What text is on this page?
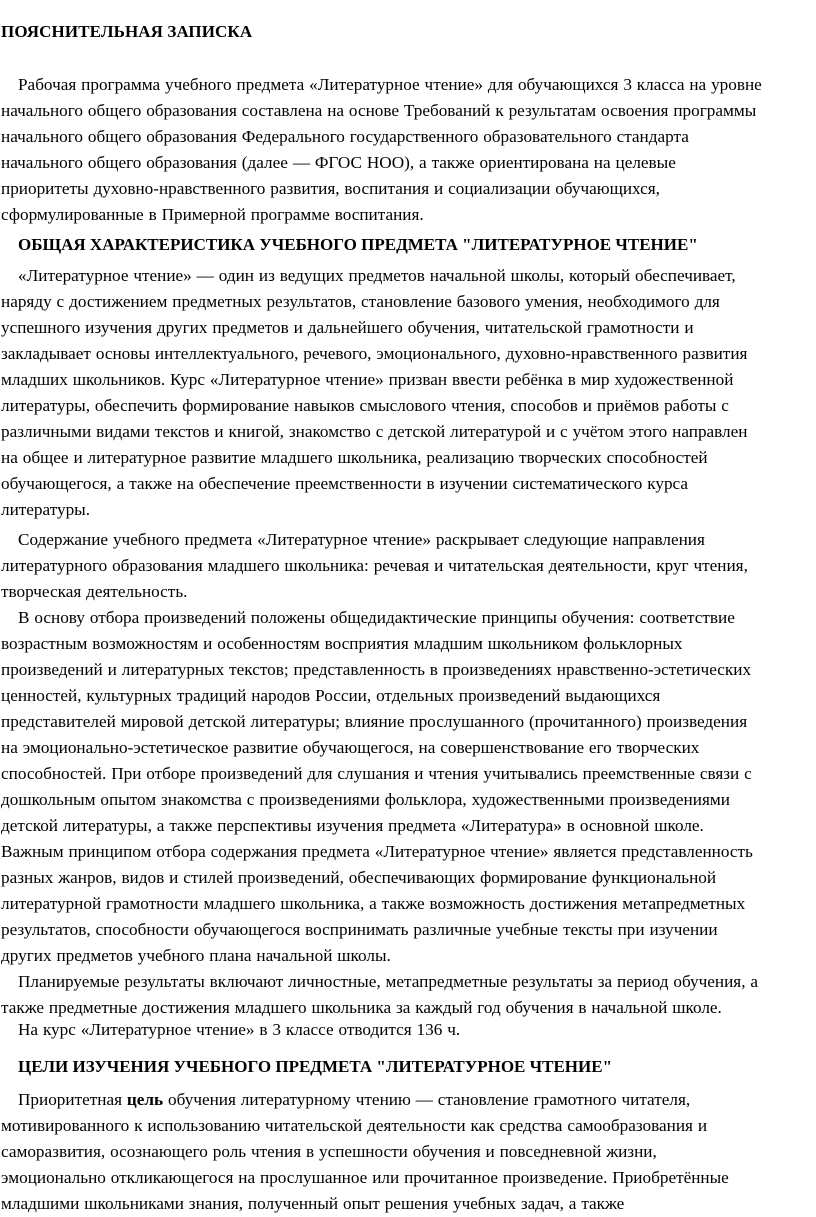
ПОЯСНИТЕЛЬНАЯ ЗАПИСКА
Рабочая программа учебного предмета «Литературное чтение» для обучающихся 3 класса на уровне
начального общего образования составлена на основе Требований к результатам освоения программы
начального общего образования Федерального государственного образовательного стандарта
начального общего образования (далее — ФГОС НОО), а также ориентирована на целевые
приоритеты духовно-нравственного развития, воспитания и социализации обучающихся,
сформулированные в Примерной программе воспитания.
ОБЩАЯ ХАРАКТЕРИСТИКА УЧЕБНОГО ПРЕДМЕТА "ЛИТЕРАТУРНОЕ ЧТЕНИЕ"
«Литературное чтение» — один из ведущих предметов начальной школы, который обеспечивает,
наряду с достижением предметных результатов, становление базового умения, необходимого для
успешного изучения других предметов и дальнейшего обучения, читательской грамотности и
закладывает основы интеллектуального, речевого, эмоционального, духовно-нравственного развития
младших школьников. Курс «Литературное чтение» призван ввести ребёнка в мир художественной
литературы, обеспечить формирование навыков смыслового чтения, способов и приёмов работы с
различными видами текстов и книгой, знакомство с детской литературой и с учётом этого направлен
на общее и литературное развитие младшего школьника, реализацию творческих способностей
обучающегося, а также на обеспечение преемственности в изучении систематического курса
литературы.
Содержание учебного предмета «Литературное чтение» раскрывает следующие направления
литературного образования младшего школьника: речевая и читательская деятельности, круг чтения,
творческая деятельность.
В основу отбора произведений положены общедидактические принципы обучения: соответствие
возрастным возможностям и особенностям восприятия младшим школьником фольклорных
произведений и литературных текстов; представленность в произведениях нравственно-эстетических
ценностей, культурных традиций народов России, отдельных произведений выдающихся
представителей мировой детской литературы; влияние прослушанного (прочитанного) произведения
на эмоционально-эстетическое развитие обучающегося, на совершенствование его творческих
способностей. При отборе произведений для слушания и чтения учитывались преемственные связи с
дошкольным опытом знакомства с произведениями фольклора, художественными произведениями
детской литературы, а также перспективы изучения предмета «Литература» в основной школе.
Важным принципом отбора содержания предмета «Литературное чтение» является представленность
разных жанров, видов и стилей произведений, обеспечивающих формирование функциональной
литературной грамотности младшего школьника, а также возможность достижения метапредметных
результатов, способности обучающегося воспринимать различные учебные тексты при изучении
других предметов учебного плана начальной школы.
Планируемые результаты включают личностные, метапредметные результаты за период обучения, а
также предметные достижения младшего школьника за каждый год обучения в начальной школе.
На курс «Литературное чтение» в 3 классе отводится 136 ч.
ЦЕЛИ ИЗУЧЕНИЯ УЧЕБНОГО ПРЕДМЕТА "ЛИТЕРАТУРНОЕ ЧТЕНИЕ"
Приоритетная цель обучения литературному чтению — становление грамотного читателя,
мотивированного к использованию читательской деятельности как средства самообразования и
саморазвития, осознающего роль чтения в успешности обучения и повседневной жизни,
эмоционально откликающегося на прослушанное или прочитанное произведение. Приобретённые
младшими школьниками знания, полученный опыт решения учебных задач, а также
